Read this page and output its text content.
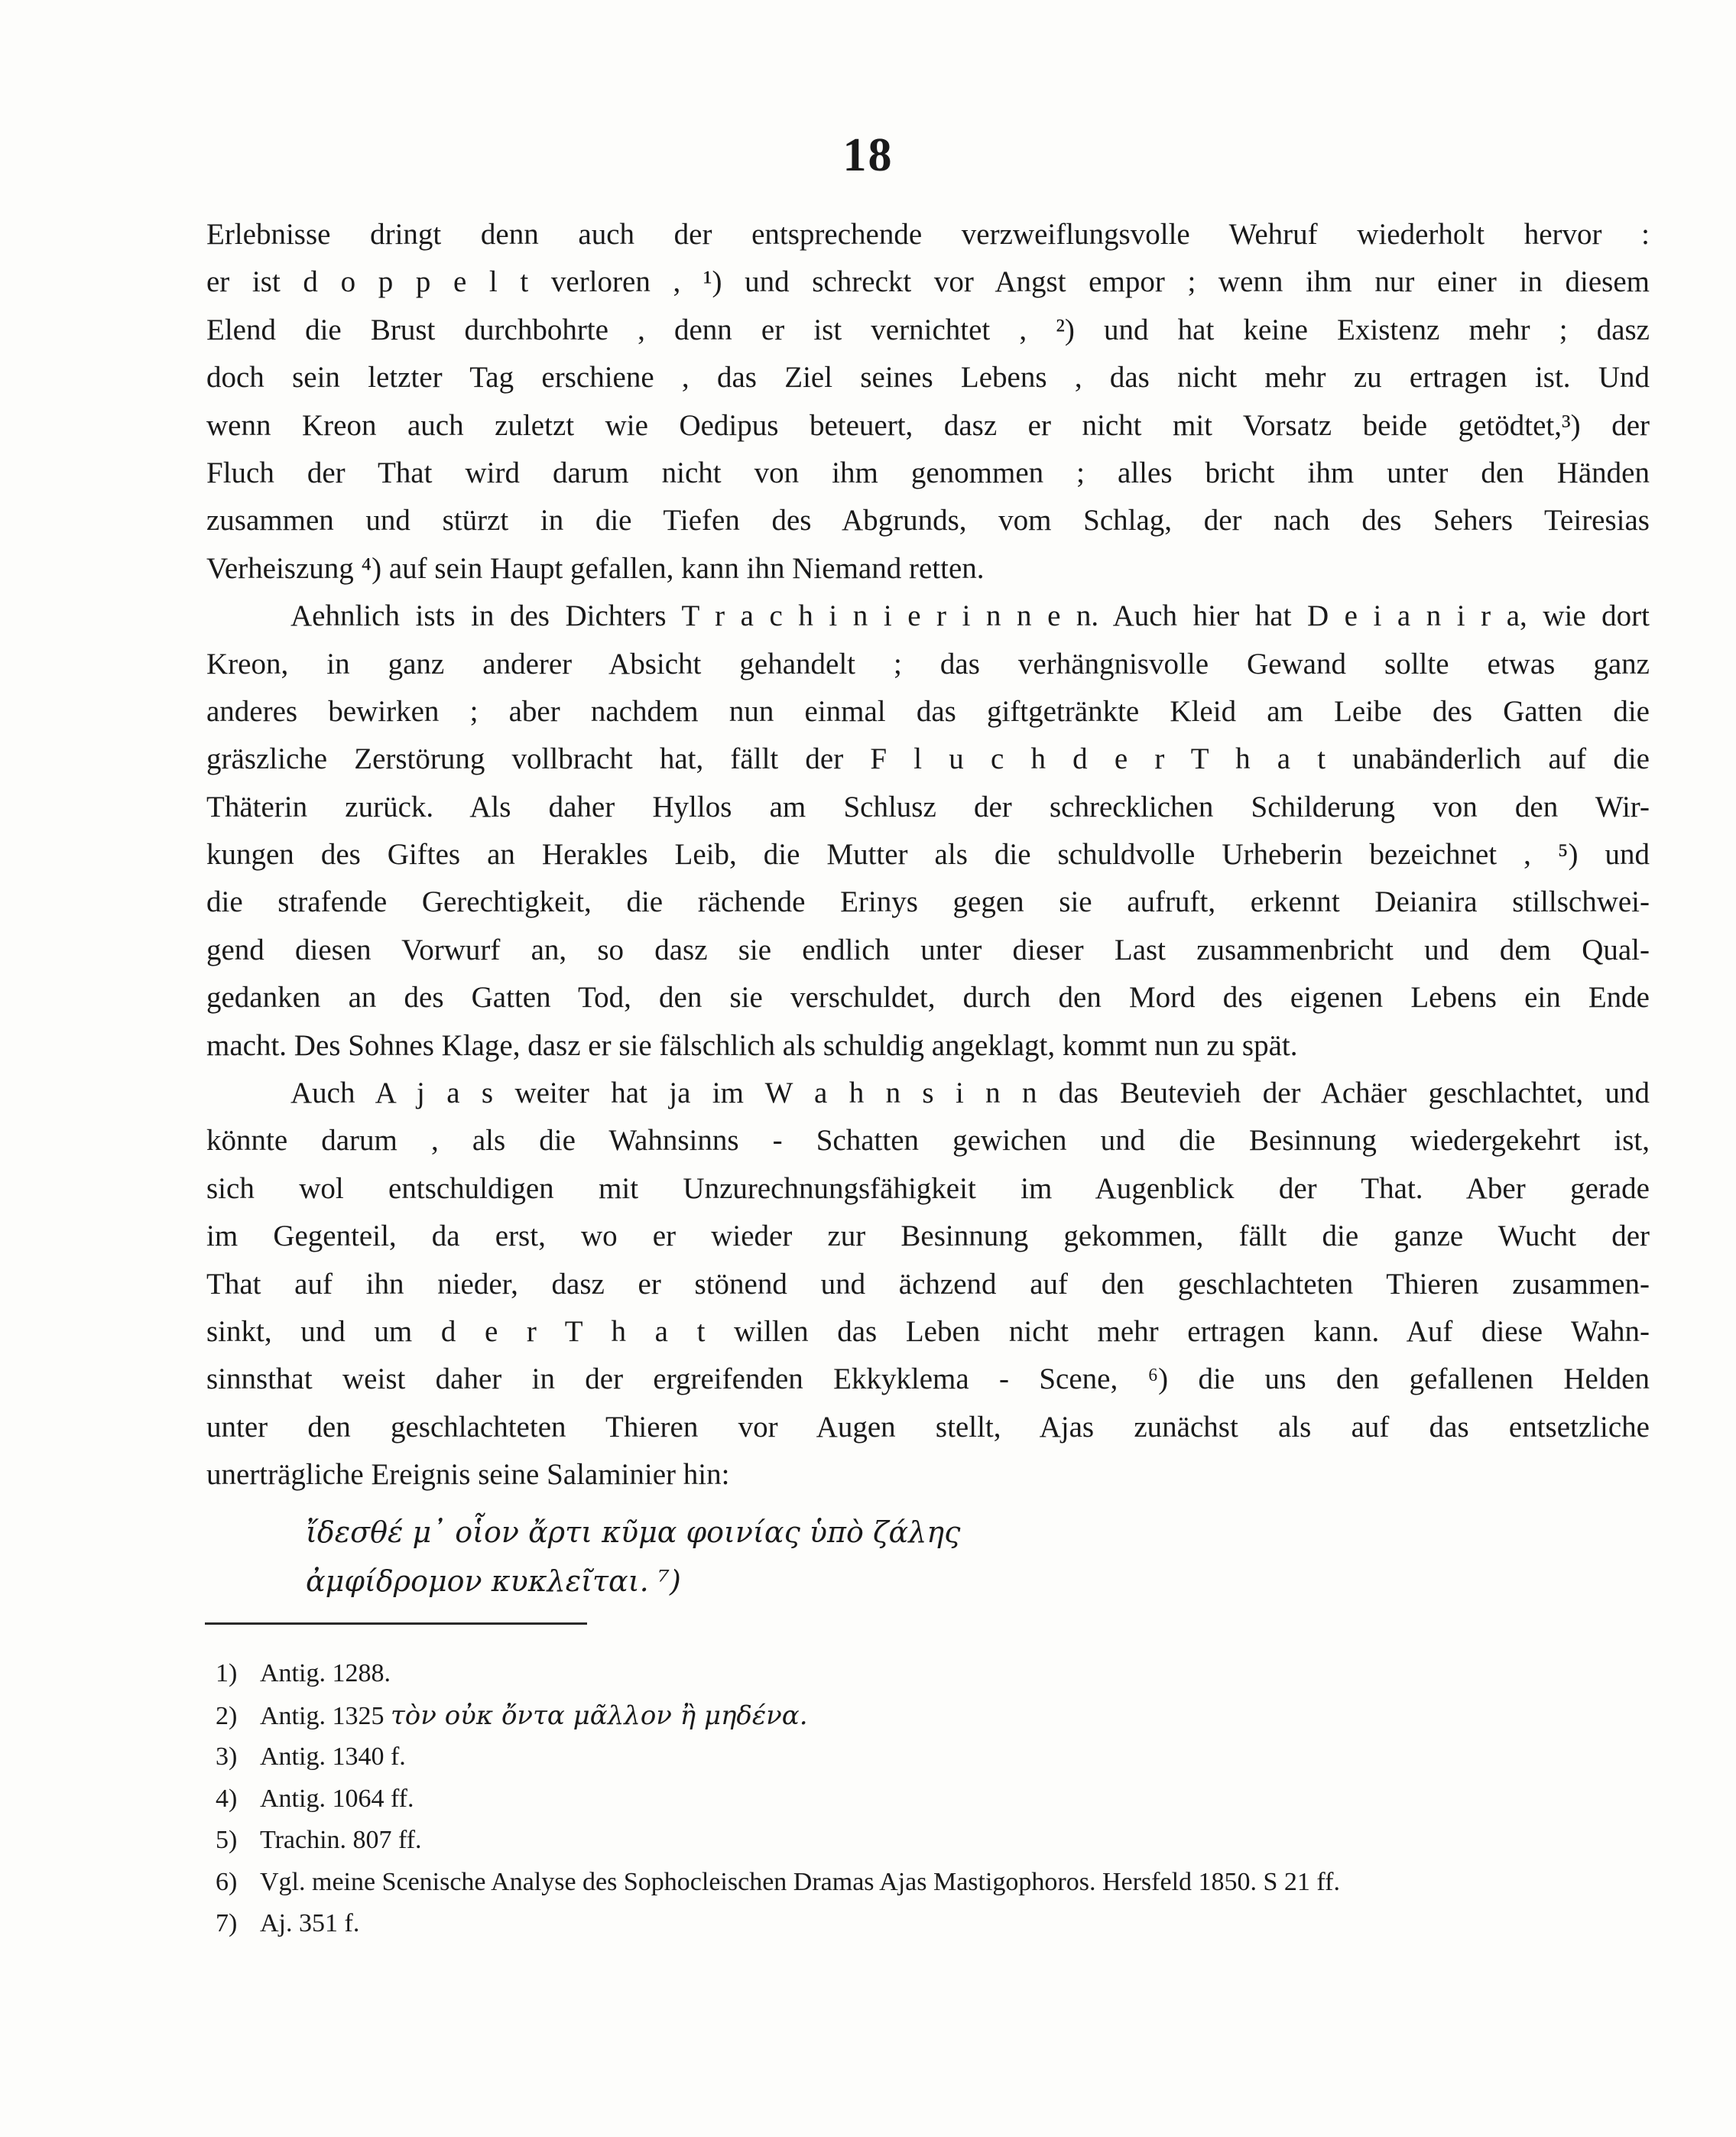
18
Erlebnisse dringt denn auch der entsprechende verzweiflungsvolle Wehruf wiederholt hervor :
er ist d o p p e l t verloren , ¹) und schreckt vor Angst empor ; wenn ihm nur einer in diesem
Elend die Brust durchbohrte , denn er ist vernichtet , ²) und hat keine Existenz mehr ; dasz
doch sein letzter Tag erschiene , das Ziel seines Lebens , das nicht mehr zu ertragen ist. Und
wenn Kreon auch zuletzt wie Oedipus beteuert, dasz er nicht mit Vorsatz beide getödtet,³) der
Fluch der That wird darum nicht von ihm genommen ; alles bricht ihm unter den Händen
zusammen und stürzt in die Tiefen des Abgrunds, vom Schlag, der nach des Sehers Teiresias
Verheiszung ⁴) auf sein Haupt gefallen, kann ihn Niemand retten.
Aehnlich ists in des Dichters T r a c h i n i e r i n n e n. Auch hier hat D e i a n i r a, wie dort
Kreon, in ganz anderer Absicht gehandelt ; das verhängnisvolle Gewand sollte etwas ganz
anderes bewirken ; aber nachdem nun einmal das giftgetränkte Kleid am Leibe des Gatten die
gräszliche Zerstörung vollbracht hat, fällt der F l u c h d e r T h a t unabänderlich auf die
Thäterin zurück. Als daher Hyllos am Schlusz der schrecklichen Schilderung von den Wir-
kungen des Giftes an Herakles Leib, die Mutter als die schuldvolle Urheberin bezeichnet , ⁵) und
die strafende Gerechtigkeit, die rächende Erinys gegen sie aufruft, erkennt Deianira stillschwei-
gend diesen Vorwurf an, so dasz sie endlich unter dieser Last zusammenbricht und dem Qual-
gedanken an des Gatten Tod, den sie verschuldet, durch den Mord des eigenen Lebens ein Ende
macht. Des Sohnes Klage, dasz er sie fälschlich als schuldig angeklagt, kommt nun zu spät.
Auch A j a s weiter hat ja im W a h n s i n n das Beutevieh der Achäer geschlachtet, und
könnte darum , als die Wahnsinns - Schatten gewichen und die Besinnung wiedergekehrt ist,
sich wol entschuldigen mit Unzurechnungsfähigkeit im Augenblick der That. Aber gerade
im Gegenteil, da erst, wo er wieder zur Besinnung gekommen, fällt die ganze Wucht der
That auf ihn nieder, dasz er stönend und ächzend auf den geschlachteten Thieren zusammen-
sinkt, und um d e r T h a t willen das Leben nicht mehr ertragen kann. Auf diese Wahn-
sinnsthat weist daher in der ergreifenden Ekkyklema - Scene, ⁶) die uns den gefallenen Helden
unter den geschlachteten Thieren vor Augen stellt, Ajas zunächst als auf das entsetzliche
unerträgliche Ereignis seine Salaminier hin:
ἴδεσθέ μ᾽ οἷον ἄρτι κῦμα φοινίας ὑπὸ ζάλης
ἀμφίδρομον κυκλεῖται. ⁷)
1) Antig. 1288.
2) Antig. 1325 τὸν οὐκ ὄντα μᾶλλον ἢ μηδένα.
3) Antig. 1340 f.
4) Antig. 1064 ff.
5) Trachin. 807 ff.
6) Vgl. meine Scenische Analyse des Sophocleischen Dramas Ajas Mastigophoros. Hersfeld 1850. S 21 ff.
7) Aj. 351 f.
